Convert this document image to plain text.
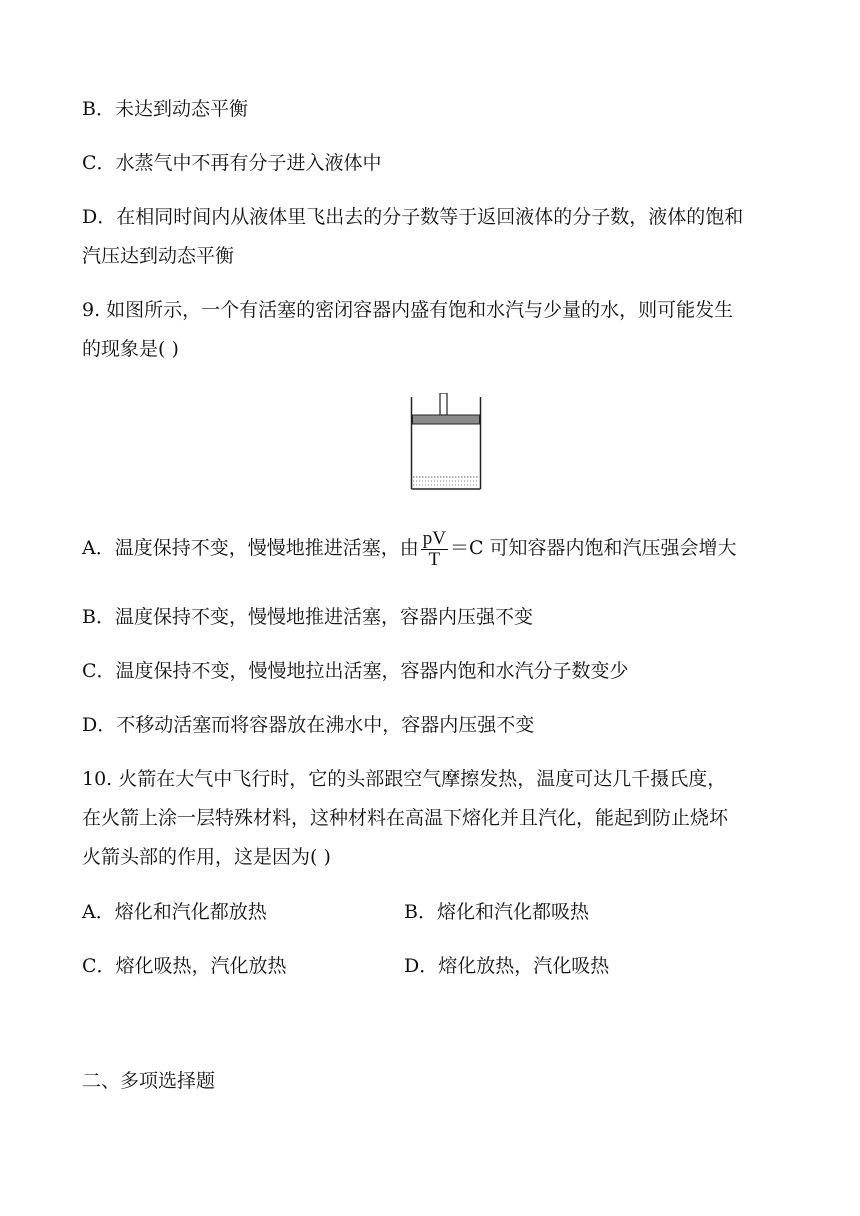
B．未达到动态平衡
C．水蒸气中不再有分子进入液体中
D．在相同时间内从液体里飞出去的分子数等于返回液体的分子数，液体的饱和
汽压达到动态平衡
9. 如图所示，一个有活塞的密闭容器内盛有饱和水汽与少量的水，则可能发生
的现象是( )
A．温度保持不变，慢慢地推进活塞，由 $\frac{pV}{T} =C$ 可知容器内饱和汽压强会增大
B．温度保持不变，慢慢地推进活塞，容器内压强不变
C．温度保持不变，慢慢地拉出活塞，容器内饱和水汽分子数变少
D．不移动活塞而将容器放在沸水中，容器内压强不变
10. 火箭在大气中飞行时，它的头部跟空气摩擦发热，温度可达几千摄氏度，
在火箭上涂一层特殊材料，这种材料在高温下熔化并且汽化，能起到防止烧坏
火箭头部的作用，这是因为( )
A．熔化和汽化都放热	B．熔化和汽化都吸热
C．熔化吸热，汽化放热	D．熔化放热，汽化吸热
二、多项选择题
